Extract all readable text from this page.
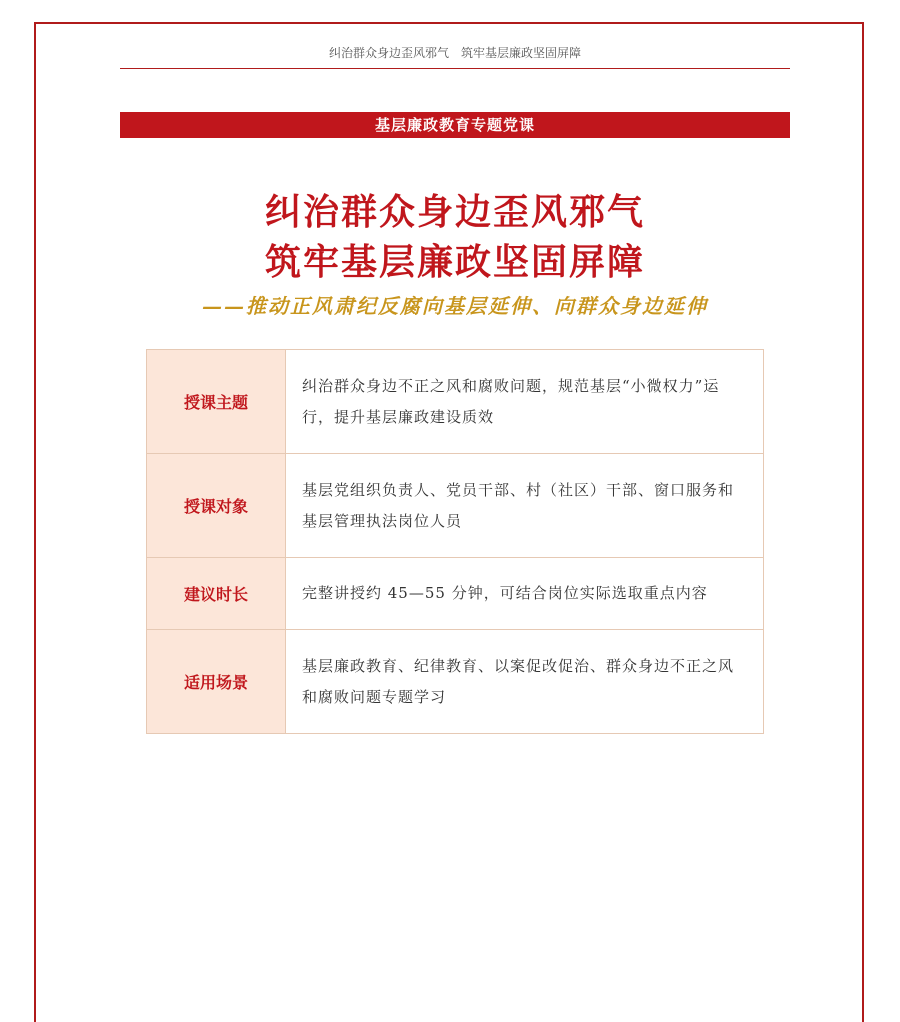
纠治群众身边歪风邪气　筑牢基层廉政坚固屏障
基层廉政教育专题党课
纠治群众身边歪风邪气
筑牢基层廉政坚固屏障
——推动正风肃纪反腐向基层延伸、向群众身边延伸
授课主题	纠治群众身边不正之风和腐败问题，规范基层“小微权力”运行，提升基层廉政建设质效
授课对象	基层党组织负责人、党员干部、村（社区）干部、窗口服务和基层管理执法岗位人员
建议时长	完整讲授约 45—55 分钟，可结合岗位实际选取重点内容
适用场景	基层廉政教育、纪律教育、以案促改促治、群众身边不正之风和腐败问题专题学习
